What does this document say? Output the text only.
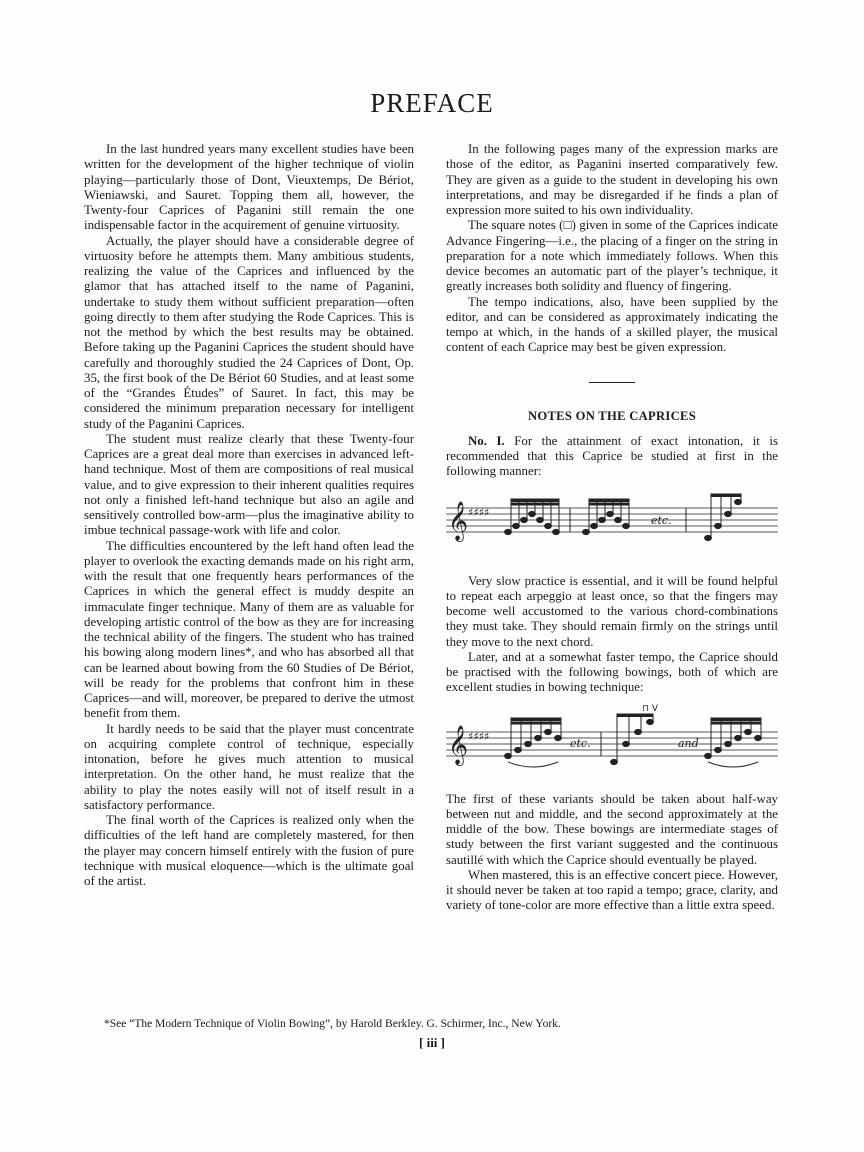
PREFACE

In the last hundred years many excellent studies have been written for the development of the higher technique of violin playing—particularly those of Dont, Vieuxtemps, De Bériot, Wieniawski, and Sauret. Topping them all, however, the Twenty-four Caprices of Paganini still remain the one indispensable factor in the acquirement of genuine virtuosity.

Actually, the player should have a considerable degree of virtuosity before he attempts them. Many ambitious students, realizing the value of the Caprices and influenced by the glamor that has attached itself to the name of Paganini, undertake to study them without sufficient preparation—often going directly to them after studying the Rode Caprices. This is not the method by which the best results may be obtained. Before taking up the Paganini Caprices the student should have carefully and thoroughly studied the 24 Caprices of Dont, Op. 35, the first book of the De Bériot 60 Studies, and at least some of the “Grandes Études” of Sauret. In fact, this may be considered the minimum preparation necessary for intelligent study of the Paganini Caprices.

The student must realize clearly that these Twenty-four Caprices are a great deal more than exercises in advanced left-hand technique. Most of them are compositions of real musical value, and to give expression to their inherent qualities requires not only a finished left-hand technique but also an agile and sensitively controlled bow-arm—plus the imaginative ability to imbue technical passage-work with life and color.

The difficulties encountered by the left hand often lead the player to overlook the exacting demands made on his right arm, with the result that one frequently hears performances of the Caprices in which the general effect is muddy despite an immaculate finger technique. Many of them are as valuable for developing artistic control of the bow as they are for increasing the technical ability of the fingers. The student who has trained his bowing along modern lines*, and who has absorbed all that can be learned about bowing from the 60 Studies of De Bériot, will be ready for the problems that confront him in these Caprices—and will, moreover, be prepared to derive the utmost benefit from them.

It hardly needs to be said that the player must concentrate on acquiring complete control of technique, especially intonation, before he gives much attention to musical interpretation. On the other hand, he must realize that the ability to play the notes easily will not of itself result in a satisfactory performance.

The final worth of the Caprices is realized only when the difficulties of the left hand are completely mastered, for then the player may concern himself entirely with the fusion of pure technique with musical eloquence—which is the ultimate goal of the artist.

In the following pages many of the expression marks are those of the editor, as Paganini inserted comparatively few. They are given as a guide to the student in developing his own interpretations, and may be disregarded if he finds a plan of expression more suited to his own individuality.

The square notes (□) given in some of the Caprices indicate Advance Fingering—i.e., the placing of a finger on the string in preparation for a note which immediately follows. When this device becomes an automatic part of the player’s technique, it greatly increases both solidity and fluency of fingering.

The tempo indications, also, have been supplied by the editor, and can be considered as approximately indicating the tempo at which, in the hands of a skilled player, the musical content of each Caprice may best be given expression.

NOTES ON THE CAPRICES

No. I. For the attainment of exact intonation, it is recommended that this Caprice be studied at first in the following manner:

𝄞 ♯♯♯♯
etc.

Very slow practice is essential, and it will be found helpful to repeat each arpeggio at least once, so that the fingers may become well accustomed to the various chord-combinations they must take. They should remain firmly on the strings until they move to the next chord.

Later, and at a somewhat faster tempo, the Caprice should be practised with the following bowings, both of which are excellent studies in bowing technique:

𝄞 ♯♯♯♯
⊓ V
etc.	and

The first of these variants should be taken about half-way between nut and middle, and the second approximately at the middle of the bow. These bowings are intermediate stages of study between the first variant suggested and the continuous sautillé with which the Caprice should eventually be played.

When mastered, this is an effective concert piece. However, it should never be taken at too rapid a tempo; grace, clarity, and variety of tone-color are more effective than a little extra speed.

*See “The Modern Technique of Violin Bowing”, by Harold Berkley. G. Schirmer, Inc., New York.
[ iii ]
